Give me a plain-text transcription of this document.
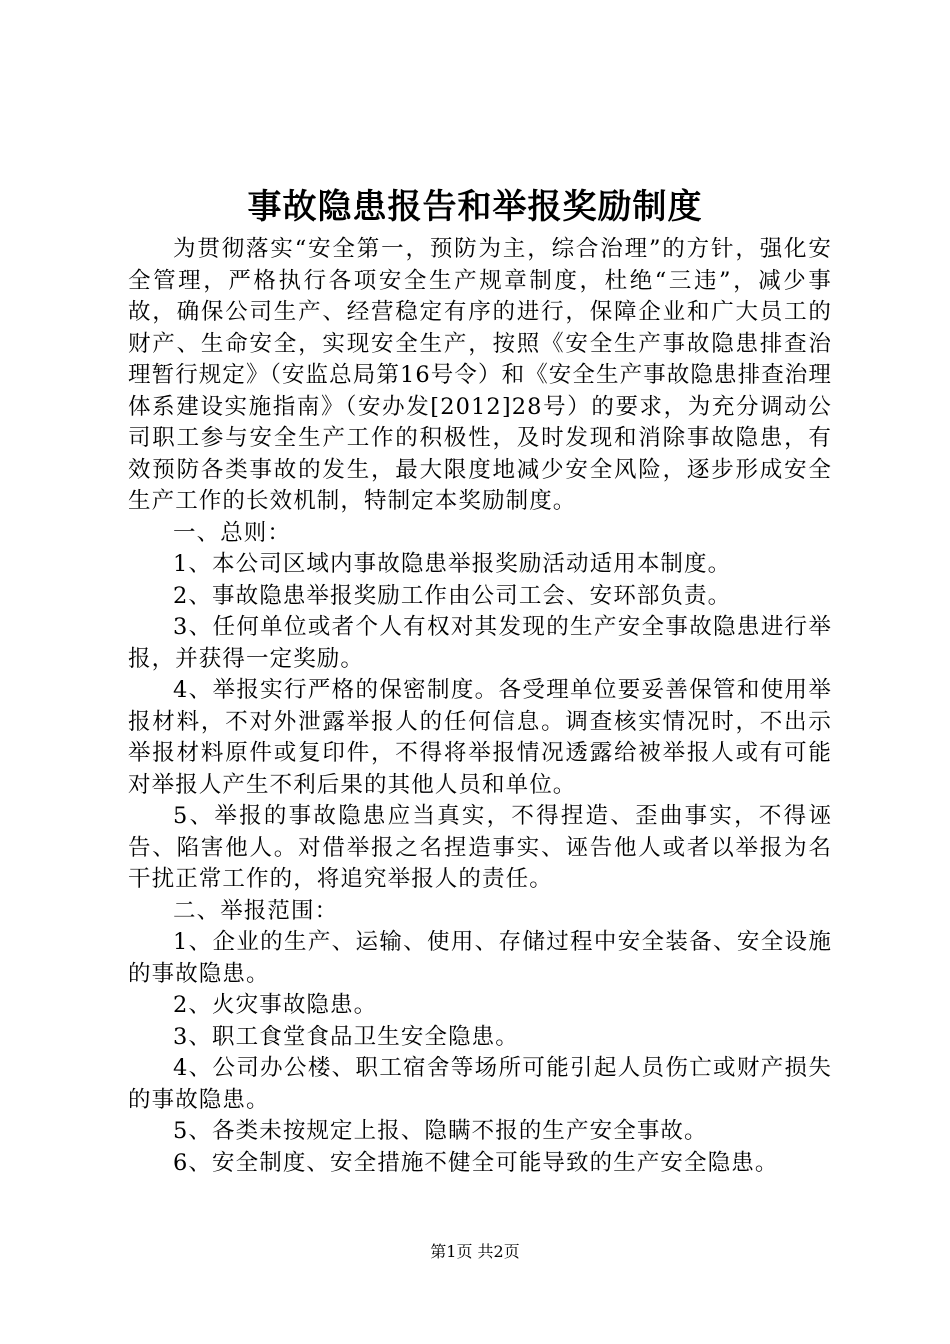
事故隐患报告和举报奖励制度

为贯彻落实“安全第一，预防为主，综合治理”的方针，强化安全管理，严格执行各项安全生产规章制度，杜绝“三违”，减少事故，确保公司生产、经营稳定有序的进行，保障企业和广大员工的财产、生命安全，实现安全生产，按照《安全生产事故隐患排查治理暂行规定》（安监总局第16号令）和《安全生产事故隐患排查治理体系建设实施指南》（安办发[2012]28号）的要求，为充分调动公司职工参与安全生产工作的积极性，及时发现和消除事故隐患，有效预防各类事故的发生，最大限度地减少安全风险，逐步形成安全生产工作的长效机制，特制定本奖励制度。

一、总则：

1、本公司区域内事故隐患举报奖励活动适用本制度。

2、事故隐患举报奖励工作由公司工会、安环部负责。

3、任何单位或者个人有权对其发现的生产安全事故隐患进行举报，并获得一定奖励。

4、举报实行严格的保密制度。各受理单位要妥善保管和使用举报材料，不对外泄露举报人的任何信息。调查核实情况时，不出示举报材料原件或复印件，不得将举报情况透露给被举报人或有可能对举报人产生不利后果的其他人员和单位。

5、举报的事故隐患应当真实，不得捏造、歪曲事实，不得诬告、陷害他人。对借举报之名捏造事实、诬告他人或者以举报为名干扰正常工作的，将追究举报人的责任。

二、举报范围：

1、企业的生产、运输、使用、存储过程中安全装备、安全设施的事故隐患。

2、火灾事故隐患。

3、职工食堂食品卫生安全隐患。

4、公司办公楼、职工宿舍等场所可能引起人员伤亡或财产损失的事故隐患。

5、各类未按规定上报、隐瞒不报的生产安全事故。

6、安全制度、安全措施不健全可能导致的生产安全隐患。

第1页 共2页
